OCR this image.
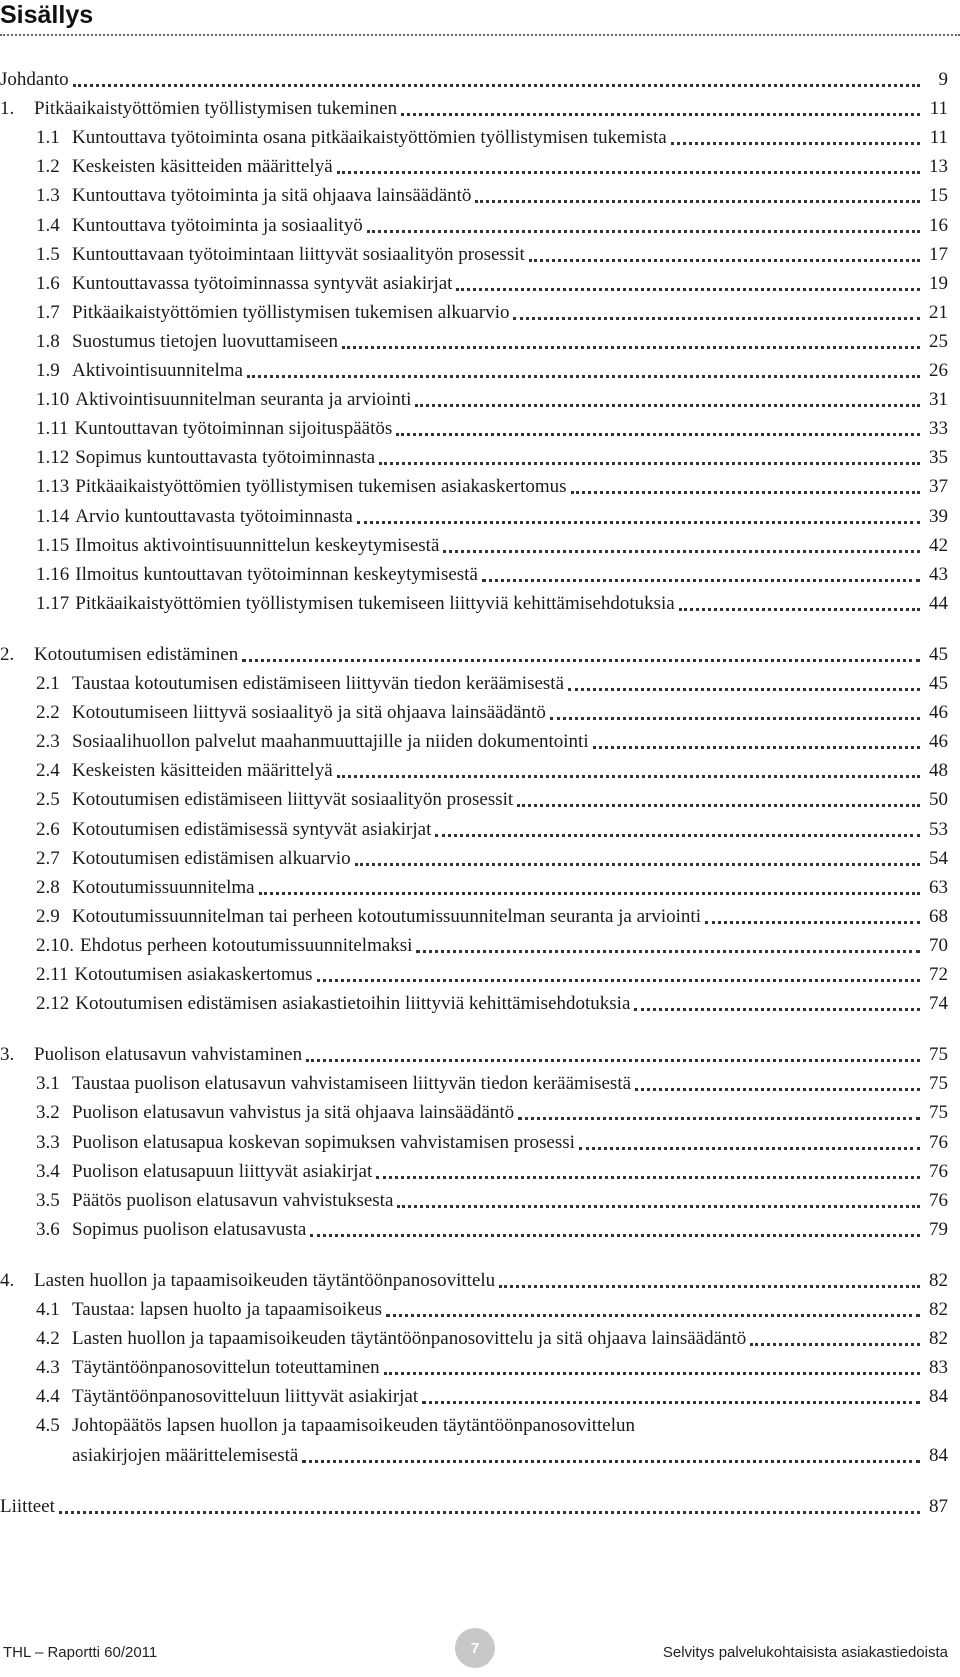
Sisällys
Johdanto	9
1. Pitkäaikaistyöttömien työllistymisen tukeminen	11
1.1 Kuntouttava työtoiminta osana pitkäaikaistyöttömien työllistymisen tukemista	11
1.2 Keskeisten käsitteiden määrittelyä	13
1.3 Kuntouttava työtoiminta ja sitä ohjaava lainsäädäntö	15
1.4 Kuntouttava työtoiminta ja sosiaalityö	16
1.5 Kuntouttavaan työtoimintaan liittyvät sosiaalityön prosessit	17
1.6 Kuntouttavassa työtoiminnassa syntyvät asiakirjat	19
1.7 Pitkäaikaistyöttömien työllistymisen tukemisen alkuarvio	21
1.8 Suostumus tietojen luovuttamiseen	25
1.9 Aktivointisuunnitelma	26
1.10 Aktivointisuunnitelman seuranta ja arviointi	31
1.11 Kuntouttavan työtoiminnan sijoituspäätös	33
1.12 Sopimus kuntouttavasta työtoiminnasta	35
1.13 Pitkäaikaistyöttömien työllistymisen tukemisen asiakaskertomus	37
1.14 Arvio kuntouttavasta työtoiminnasta	39
1.15 Ilmoitus aktivointisuunnittelun keskeytymisestä	42
1.16 Ilmoitus kuntouttavan työtoiminnan keskeytymisestä	43
1.17 Pitkäaikaistyöttömien työllistymisen tukemiseen liittyviä kehittämisehdotuksia	44
2. Kotoutumisen edistäminen	45
2.1 Taustaa kotoutumisen edistämiseen liittyvän tiedon keräämisestä	45
2.2 Kotoutumiseen liittyvä sosiaalityö ja sitä ohjaava lainsäädäntö	46
2.3 Sosiaalihuollon palvelut maahanmuuttajille ja niiden dokumentointi	46
2.4 Keskeisten käsitteiden määrittelyä	48
2.5 Kotoutumisen edistämiseen liittyvät sosiaalityön prosessit	50
2.6 Kotoutumisen edistämisessä syntyvät asiakirjat	53
2.7 Kotoutumisen edistämisen alkuarvio	54
2.8 Kotoutumissuunnitelma	63
2.9 Kotoutumissuunnitelman tai perheen kotoutumissuunnitelman seuranta ja arviointi	68
2.10. Ehdotus perheen kotoutumissuunnitelmaksi	70
2.11 Kotoutumisen asiakaskertomus	72
2.12 Kotoutumisen edistämisen asiakastietoihin liittyviä kehittämisehdotuksia	74
3. Puolison elatusavun vahvistaminen	75
3.1 Taustaa puolison elatusavun vahvistamiseen liittyvän tiedon keräämisestä	75
3.2 Puolison elatusavun vahvistus ja sitä ohjaava lainsäädäntö	75
3.3 Puolison elatusapua koskevan sopimuksen vahvistamisen prosessi	76
3.4 Puolison elatusapuun liittyvät asiakirjat	76
3.5 Päätös puolison elatusavun vahvistuksesta	76
3.6 Sopimus puolison elatusavusta	79
4. Lasten huollon ja tapaamisoikeuden täytäntöönpanosovittelu	82
4.1 Taustaa: lapsen huolto ja tapaamisoikeus	82
4.2 Lasten huollon ja tapaamisoikeuden täytäntöönpanosovittelu ja sitä ohjaava lainsäädäntö	82
4.3 Täytäntöönpanosovittelun toteuttaminen	83
4.4 Täytäntöönpanosovitteluun liittyvät asiakirjat	84
4.5 Johtopäätös lapsen huollon ja tapaamisoikeuden täytäntöönpanosovittelun
asiakirjojen määrittelemisestä	84
Liitteet	87
THL – Raportti 60/2011	7	Selvitys palvelukohtaisista asiakastiedoista
